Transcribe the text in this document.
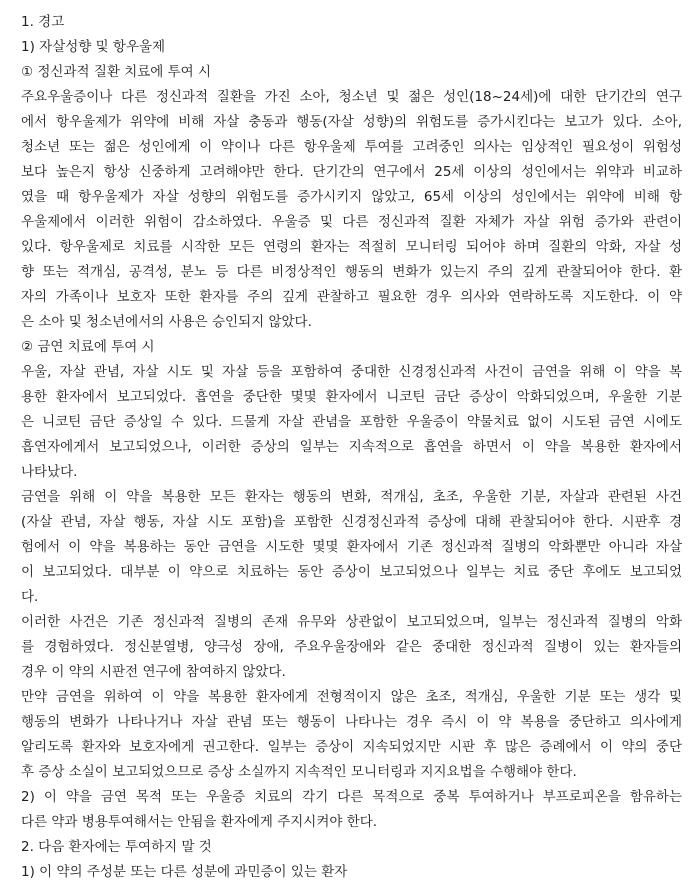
1. 경고
1) 자살성향 및 항우울제
① 정신과적 질환 치료에 투여 시
주요우울증이나 다른 정신과적 질환을 가진 소아, 청소년 및 젊은 성인(18~24세)에 대한 단기간의 연구
에서 항우울제가 위약에 비해 자살 충동과 행동(자살 성향)의 위험도를 증가시킨다는 보고가 있다. 소아,
청소년 또는 젊은 성인에게 이 약이나 다른 항우울제 투여를 고려중인 의사는 임상적인 필요성이 위험성
보다 높은지 항상 신중하게 고려해야만 한다. 단기간의 연구에서 25세 이상의 성인에서는 위약과 비교하
였을 때 항우울제가 자살 성향의 위험도를 증가시키지 않았고, 65세 이상의 성인에서는 위약에 비해 항
우울제에서 이러한 위험이 감소하였다. 우울증 및 다른 정신과적 질환 자체가 자살 위험 증가와 관련이
있다. 항우울제로 치료를 시작한 모든 연령의 환자는 적절히 모니터링 되어야 하며 질환의 악화, 자살 성
향 또는 적개심, 공격성, 분노 등 다른 비정상적인 행동의 변화가 있는지 주의 깊게 관찰되어야 한다. 환
자의 가족이나 보호자 또한 환자를 주의 깊게 관찰하고 필요한 경우 의사와 연락하도록 지도한다. 이 약
은 소아 및 청소년에서의 사용은 승인되지 않았다.
② 금연 치료에 투여 시
우울, 자살 관념, 자살 시도 및 자살 등을 포함하여 중대한 신경정신과적 사건이 금연을 위해 이 약을 복
용한 환자에서 보고되었다. 흡연을 중단한 몇몇 환자에서 니코틴 금단 증상이 악화되었으며, 우울한 기분
은 니코틴 금단 증상일 수 있다. 드물게 자살 관념을 포함한 우울증이 약물치료 없이 시도된 금연 시에도
흡연자에게서 보고되었으나, 이러한 증상의 일부는 지속적으로 흡연을 하면서 이 약을 복용한 환자에서
나타났다.
금연을 위해 이 약을 복용한 모든 환자는 행동의 변화, 적개심, 초조, 우울한 기분, 자살과 관련된 사건
(자살 관념, 자살 행동, 자살 시도 포함)을 포함한 신경정신과적 증상에 대해 관찰되어야 한다. 시판후 경
험에서 이 약을 복용하는 동안 금연을 시도한 몇몇 환자에서 기존 정신과적 질병의 악화뿐만 아니라 자살
이 보고되었다. 대부분 이 약으로 치료하는 동안 증상이 보고되었으나 일부는 치료 중단 후에도 보고되었
다.
이러한 사건은 기존 정신과적 질병의 존재 유무와 상관없이 보고되었으며, 일부는 정신과적 질병의 악화
를 경험하였다. 정신분열병, 양극성 장애, 주요우울장애와 같은 중대한 정신과적 질병이 있는 환자들의
경우 이 약의 시판전 연구에 참여하지 않았다.
만약 금연을 위하여 이 약을 복용한 환자에게 전형적이지 않은 초조, 적개심, 우울한 기분 또는 생각 및
행동의 변화가 나타나거나 자살 관념 또는 행동이 나타나는 경우 즉시 이 약 복용을 중단하고 의사에게
알리도록 환자와 보호자에게 권고한다. 일부는 증상이 지속되었지만 시판 후 많은 증례에서 이 약의 중단
후 증상 소실이 보고되었으므로 증상 소실까지 지속적인 모니터링과 지지요법을 수행해야 한다.
2) 이 약을 금연 목적 또는 우울증 치료의 각기 다른 목적으로 중복 투여하거나 부프로피온을 함유하는
다른 약과 병용투여해서는 안됨을 환자에게 주지시켜야 한다.
2. 다음 환자에는 투여하지 말 것
1) 이 약의 주성분 또는 다른 성분에 과민증이 있는 환자
